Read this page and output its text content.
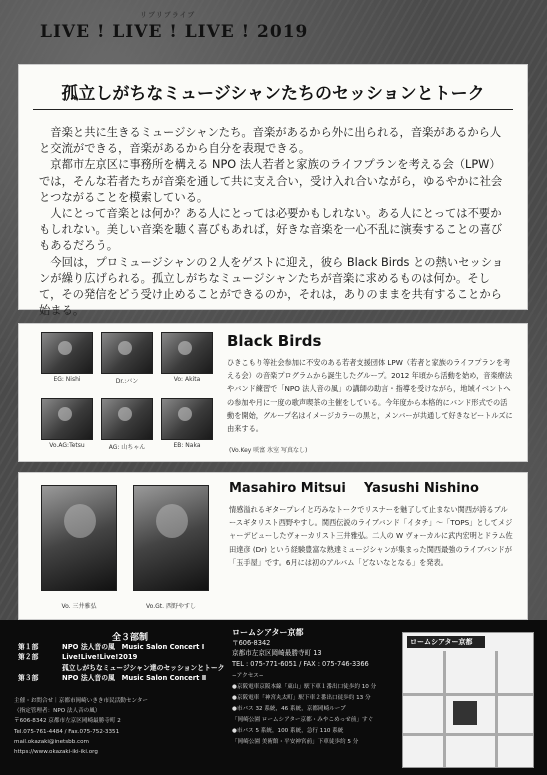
リブリブライブ
LIVE ! LIVE ! LIVE ! 2019
孤立しがちなミュージシャンたちのセッションとトーク

音楽と共に生きるミュージシャンたち。音楽があるから外に出られる，音楽があるから人と交流ができる，音楽があるから自分を表現できる。

京都市左京区に事務所を構える NPO 法人若者と家族のライフプランを考える会（LPW）では，そんな若者たちが音楽を通して共に支え合い，受け入れ合いながら，ゆるやかに社会とつながることを模索している。

人にとって音楽とは何か？ある人にとっては必要かもしれない。ある人にとっては不要かもしれない。美しい音楽を聴く喜びもあれば，好きな音楽を一心不乱に演奏することの喜びもあるだろう。

今回は，プロミュージシャンの２人をゲストに迎え，彼ら Black Birds との熱いセッションが繰り広げられる。孤立しがちなミュージシャンたちが音楽に求めるものは何か。そして，その発信をどう受け止めることができるのか，それは，ありのままを共有することから始まる。

EG: Nishi	Dr.:バン	Vo: Akita
Vo.AG:Tetsu	AG: 山ちゃん	EB: Naka
Black Birds

ひきこもり等社会参加に不安のある若者支援団体 LPW（若者と家族のライフプランを考える会）の音楽プログラムから誕生したグループ。2012 年頃から活動を始め，音楽療法やバンド練習で「NPO 法人音の風」の講師の助言・指導を受けながら，地域イベントへの参加や月に一度の歌声喫茶の主催をしている。今年度から本格的にバンド形式での活動を開始，グループ名はイメージカラーの黒と，メンバーが共通して好きなビートルズに由来する。

(Vo.Key 咲富 氷室 写真なし)
Vo. 三井雅弘	Vo.Gt. 西野やすし
Masahiro Mitsui    Yasushi Nishino

情感溢れるギタープレイと巧みなトークでリスナーを魅了して止まない関西が誇るブルースギタリスト西野やすし。関西伝説のライブバンド「イタチ」〜「TOPS」としてメジャーデビューしたヴォーカリスト三井雅弘。二人の W ヴォーカルに武内宏明とドラム佐田達彦 (Dr) という経験豊富な熟達ミュージシャンが集まった関西最強のライブバンドが「玉手屋」です。6月には初のアルバム「どないなとなる」を発表。

全３部制
第１部	NPO 法人音の風　Music Salon Concert Ⅰ
第２部	Live!Live!Live!2019
孤立しがちなミュージシャン達のセッションとトーク
第３部	NPO 法人音の風　Music Salon Concert Ⅱ
主催・お問合せ｜京都市岡崎いきき市民活動センター
（指定管理者：NPO 法人音の風）
〒606-8342 京都市左京区岡崎最勝寺町 2
Tel.075-761-4484 / Fax.075-752-3351
mail.okazaki@inetsbb.com
https://www.okazaki-iki-iki.org
ロームシアター京都
〒606-8342
京都市左京区岡崎最勝寺町 13
TEL : 075-771-6051 / FAX : 075-746-3366
−アクセス−
●京阪電車京阪本線「東山」駅下車１番出口徒歩約 10 分
●京阪電車「神宮丸太町」駅下車２番出口徒歩約 13 分
●市バス 32 系統，46 系統，京都岡崎ループ
「岡崎公園 ロームシアター京都・みやこめっせ前」すぐ
●市バス 5 系統，100 系統，急行 110 系統
「岡崎公園 美術館・平安神宮前」下車徒歩約 5 分
ロームシアター京都
